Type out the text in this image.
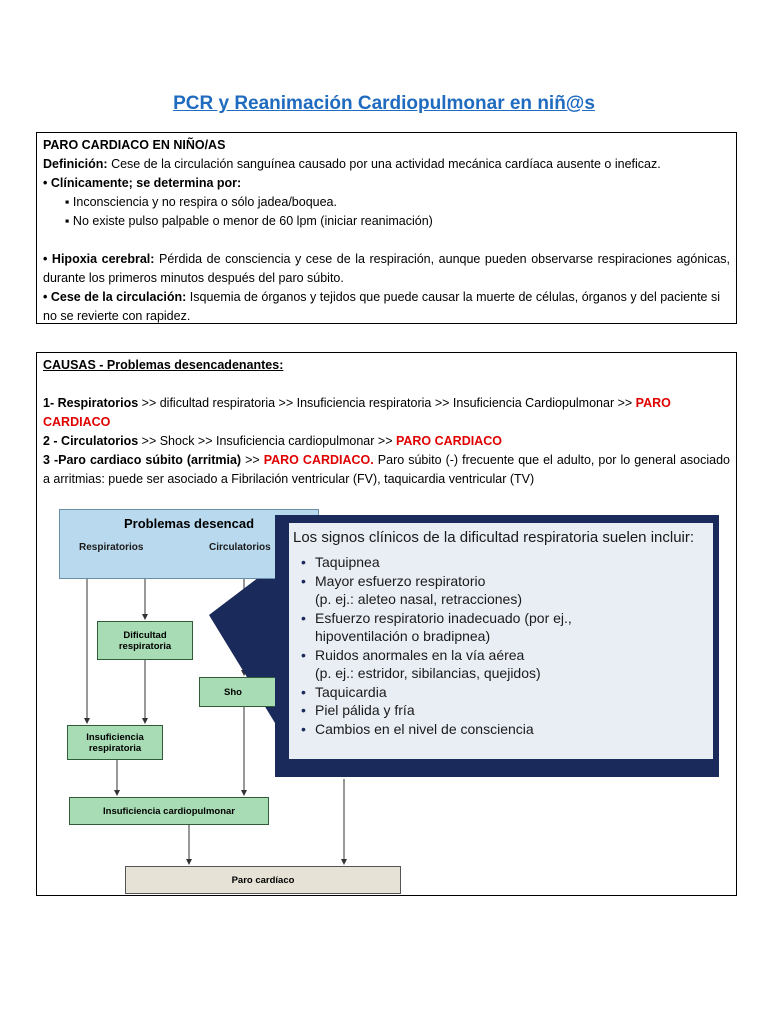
PCR y Reanimación Cardiopulmonar en niñ@s
PARO CARDIACO EN NIÑO/AS
Definición: Cese de la circulación sanguínea causado por una actividad mecánica cardíaca ausente o ineficaz.
• Clínicamente; se determina por:
▪ Inconsciencia y no respira o sólo jadea/boquea.
▪ No existe pulso palpable o menor de 60 lpm (iniciar reanimación)
• Hipoxia cerebral: Pérdida de consciencia y cese de la respiración, aunque pueden observarse respiraciones agónicas, durante los primeros minutos después del paro súbito.
• Cese de la circulación: Isquemia de órganos y tejidos que puede causar la muerte de células, órganos y del paciente si no se revierte con rapidez.
CAUSAS - Problemas desencadenantes:
1- Respiratorios >> dificultad respiratoria >> Insuficiencia respiratoria >> Insuficiencia Cardiopulmonar >> PARO CARDIACO
2 - Circulatorios >> Shock >> Insuficiencia cardiopulmonar >> PARO CARDIACO
3 -Paro cardiaco súbito (arritmia) >> PARO CARDIACO. Paro súbito (-) frecuente que el adulto, por lo general asociado a arritmias: puede ser asociado a Fibrilación ventricular (FV), taquicardia ventricular (TV)
Problemas desencad
Respiratorios	Circulatorios
Dificultad respiratoria
Sho
Insuficiencia respiratoria
Insuficiencia cardiopulmonar
Paro cardíaco
Los signos clínicos de la dificultad respiratoria suelen incluir:
• Taquipnea
• Mayor esfuerzo respiratorio
(p. ej.: aleteo nasal, retracciones)
• Esfuerzo respiratorio inadecuado (por ej.,
hipoventilación o bradipnea)
• Ruidos anormales en la vía aérea
(p. ej.: estridor, sibilancias, quejidos)
• Taquicardia
• Piel pálida y fría
• Cambios en el nivel de consciencia
